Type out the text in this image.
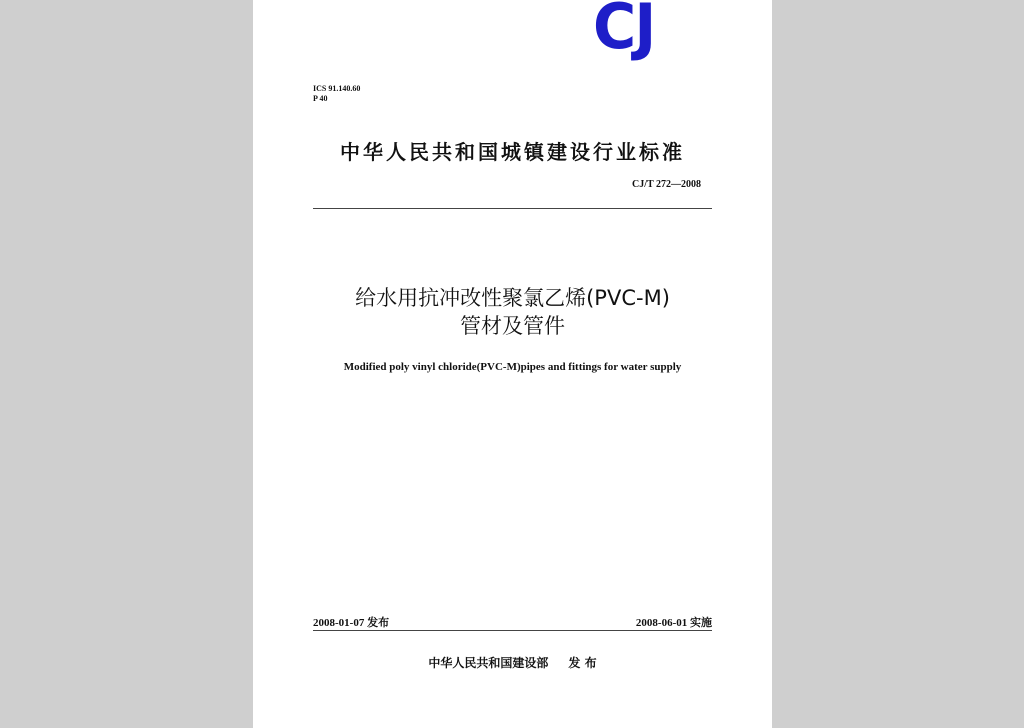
CJ
ICS 91.140.60
P 40
中华人民共和国城镇建设行业标准
CJ/T 272—2008
给水用抗冲改性聚氯乙烯(PVC-M)
管材及管件
Modified poly vinyl chloride(PVC-M)pipes and fittings for water supply
2008-01-07 发布	2008-06-01 实施
中华人民共和国建设部 发 布
